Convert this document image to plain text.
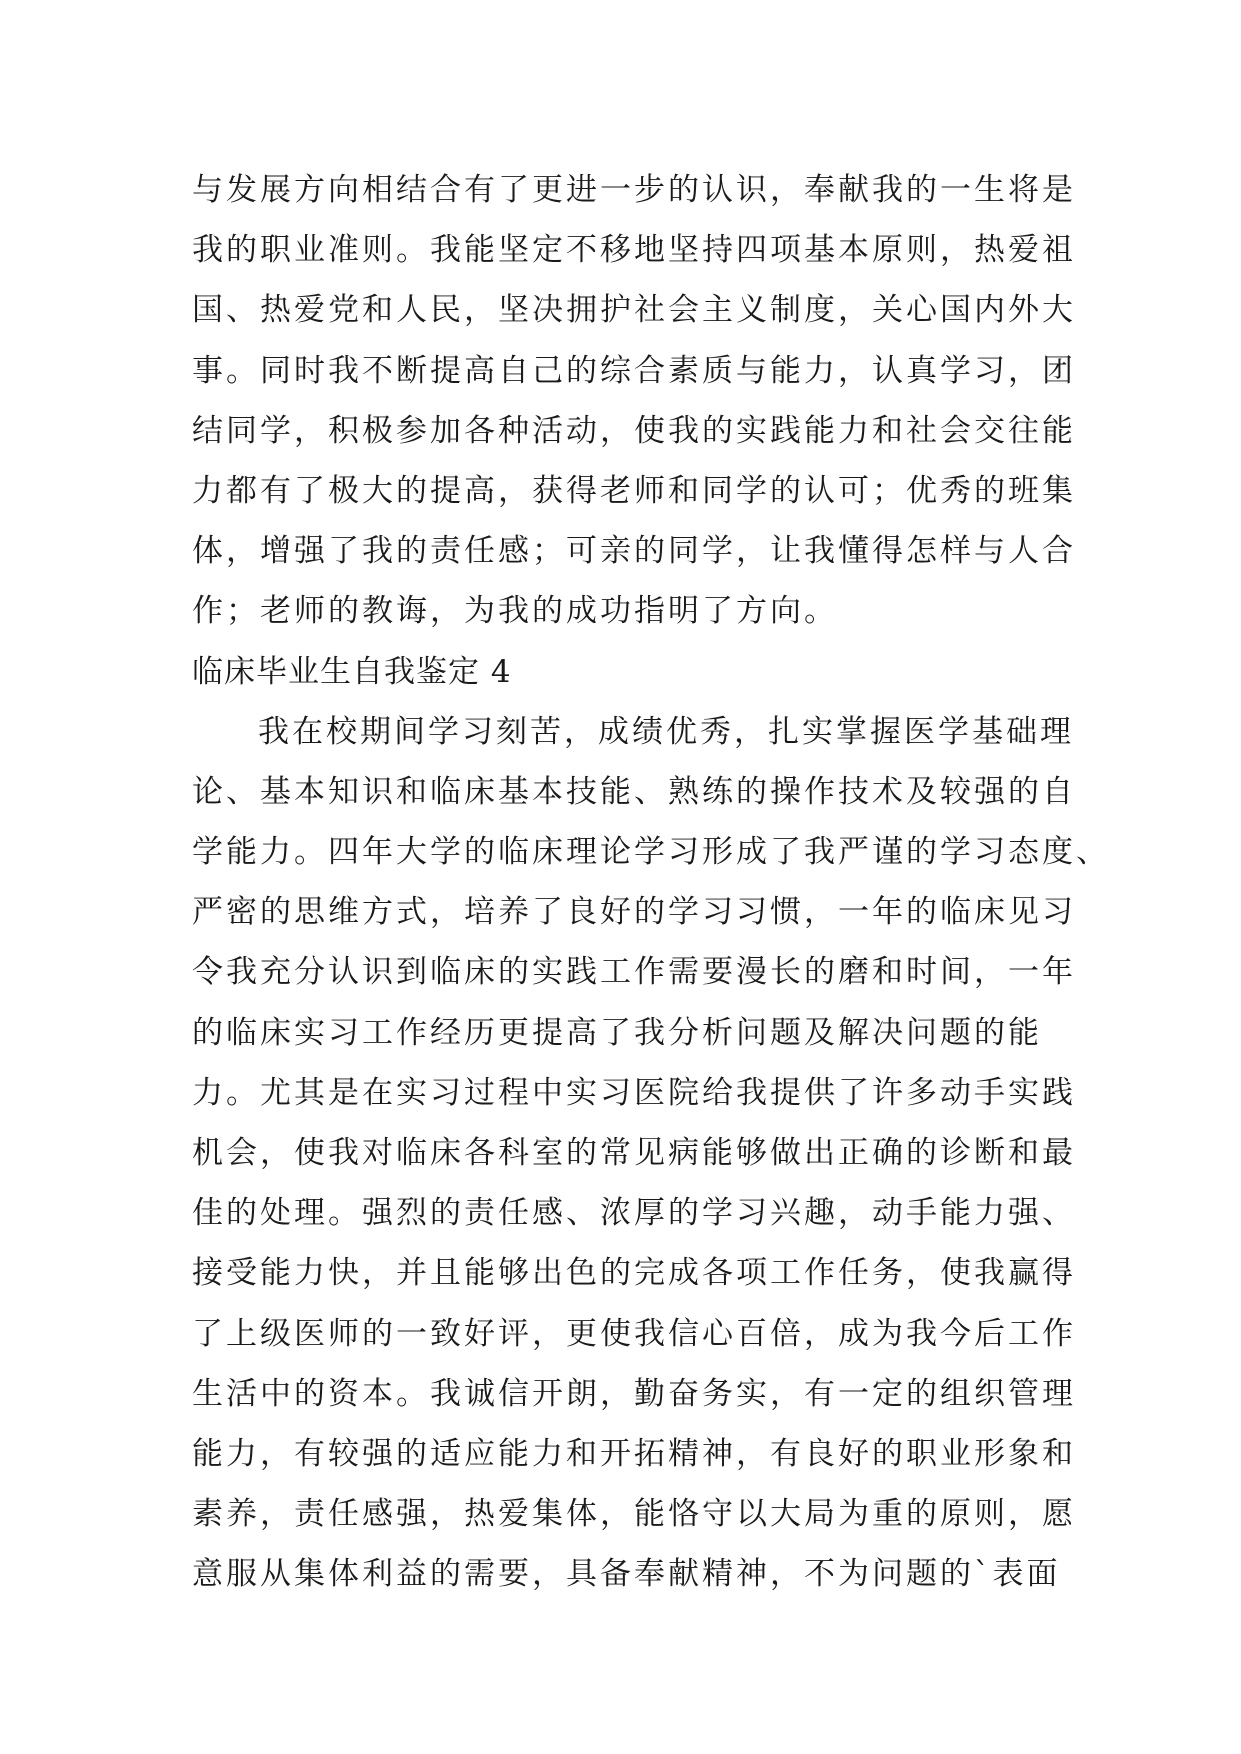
与发展方向相结合有了更进一步的认识，奉献我的一生将是
我的职业准则。我能坚定不移地坚持四项基本原则，热爱祖
国、热爱党和人民，坚决拥护社会主义制度，关心国内外大
事。同时我不断提高自己的综合素质与能力，认真学习，团
结同学，积极参加各种活动，使我的实践能力和社会交往能
力都有了极大的提高，获得老师和同学的认可；优秀的班集
体，增强了我的责任感；可亲的同学，让我懂得怎样与人合
作；老师的教诲，为我的成功指明了方向。
临床毕业生自我鉴定 4
我在校期间学习刻苦，成绩优秀，扎实掌握医学基础理
论、基本知识和临床基本技能、熟练的操作技术及较强的自
学能力。四年大学的临床理论学习形成了我严谨的学习态度、
严密的思维方式，培养了良好的学习习惯，一年的临床见习
令我充分认识到临床的实践工作需要漫长的磨和时间，一年
的临床实习工作经历更提高了我分析问题及解决问题的能
力。尤其是在实习过程中实习医院给我提供了许多动手实践
机会，使我对临床各科室的常见病能够做出正确的诊断和最
佳的处理。强烈的责任感、浓厚的学习兴趣，动手能力强、
接受能力快，并且能够出色的完成各项工作任务，使我赢得
了上级医师的一致好评，更使我信心百倍，成为我今后工作
生活中的资本。我诚信开朗，勤奋务实，有一定的组织管理
能力，有较强的适应能力和开拓精神，有良好的职业形象和
素养，责任感强，热爱集体，能恪守以大局为重的原则，愿
意服从集体利益的需要，具备奉献精神，不为问题的`表面
